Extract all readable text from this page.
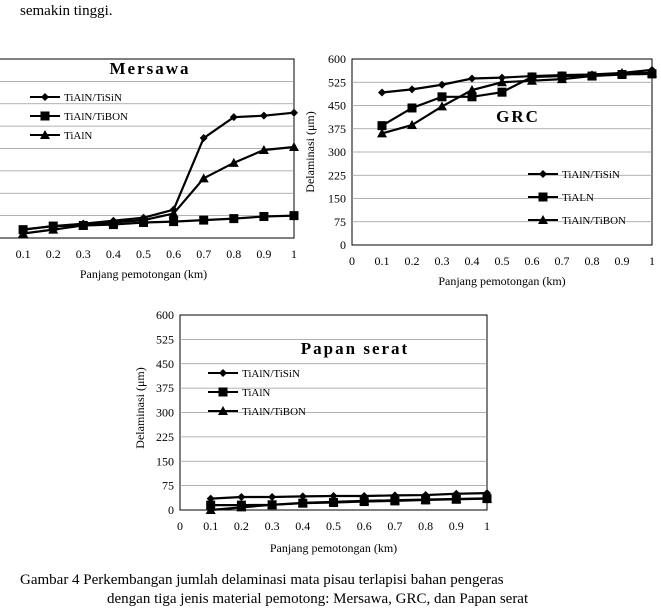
semakin tinggi.
0.1 0.2 0.3 0.4 0.5 0.6 0.7 0.8 0.9 1
Panjang pemotongan (km)
Mersawa
TiAlN/TiSiN
TiAlN/TiBON
TiAlN
0
75
150
225
300
375
450
525
600
0 0.1 0.2 0.3 0.4 0.5 0.6 0.7 0.8 0.9 1
Panjang pemotongan (km)
Delaminasi (μm)	GRC
TiAlN/TiSiN
TiALN
TiAlN/TiBON
0
75
150
225
300
375
450
525
600
0 0.1 0.2 0.3 0.4 0.5 0.6 0.7 0.8 0.9 1
Panjang pemotongan (km)
Delaminasi (μm)
Papan serat
TiAlN/TiSiN
TiAlN
TiAlN/TiBON
Gambar 4 Perkembangan jumlah delaminasi mata pisau terlapisi bahan pengeras
dengan tiga jenis material pemotong: Mersawa, GRC, dan Papan serat
